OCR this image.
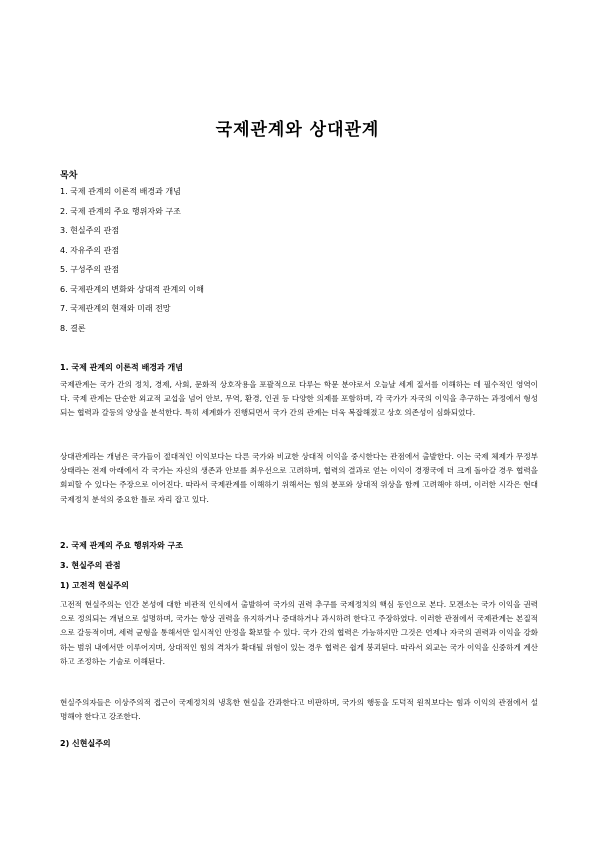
국제관계와 상대관계
목차
1. 국제 관계의 이론적 배경과 개념
2. 국제 관계의 주요 행위자와 구조
3. 현실주의 관점
4. 자유주의 관점
5. 구성주의 관점
6. 국제관계의 변화와 상대적 관계의 이해
7. 국제관계의 현재와 미래 전망
8. 결론
1. 국제 관계의 이론적 배경과 개념

국제관계는 국가 간의 정치, 경제, 사회, 문화적 상호작용을 포괄적으로 다루는 학문 분야로서 오늘날 세계 질서를 이해하는 데 필수적인 영역이다. 국제 관계는 단순한 외교적 교섭을 넘어 안보, 무역, 환경, 인권 등 다양한 의제를 포함하며, 각 국가가 자국의 이익을 추구하는 과정에서 형성되는 협력과 갈등의 양상을 분석한다. 특히 세계화가 진행되면서 국가 간의 관계는 더욱 복잡해졌고 상호 의존성이 심화되었다.

상대관계라는 개념은 국가들이 절대적인 이익보다는 다른 국가와 비교한 상대적 이익을 중시한다는 관점에서 출발한다. 이는 국제 체제가 무정부 상태라는 전제 아래에서 각 국가는 자신의 생존과 안보를 최우선으로 고려하며, 협력의 결과로 얻는 이익이 경쟁국에 더 크게 돌아갈 경우 협력을 회피할 수 있다는 주장으로 이어진다. 따라서 국제관계를 이해하기 위해서는 힘의 분포와 상대적 위상을 함께 고려해야 하며, 이러한 시각은 현대 국제정치 분석의 중요한 틀로 자리 잡고 있다.

2. 국제 관계의 주요 행위자와 구조
3. 현실주의 관점
1) 고전적 현실주의

고전적 현실주의는 인간 본성에 대한 비관적 인식에서 출발하여 국가의 권력 추구를 국제정치의 핵심 동인으로 본다. 모겐소는 국가 이익을 권력으로 정의되는 개념으로 설명하며, 국가는 항상 권력을 유지하거나 증대하거나 과시하려 한다고 주장하였다. 이러한 관점에서 국제관계는 본질적으로 갈등적이며, 세력 균형을 통해서만 일시적인 안정을 확보할 수 있다. 국가 간의 협력은 가능하지만 그것은 언제나 자국의 권력과 이익을 강화하는 범위 내에서만 이루어지며, 상대적인 힘의 격차가 확대될 위험이 있는 경우 협력은 쉽게 붕괴된다. 따라서 외교는 국가 이익을 신중하게 계산하고 조정하는 기술로 이해된다.

현실주의자들은 이상주의적 접근이 국제정치의 냉혹한 현실을 간과한다고 비판하며, 국가의 행동을 도덕적 원칙보다는 힘과 이익의 관점에서 설명해야 한다고 강조한다.

2) 신현실주의
